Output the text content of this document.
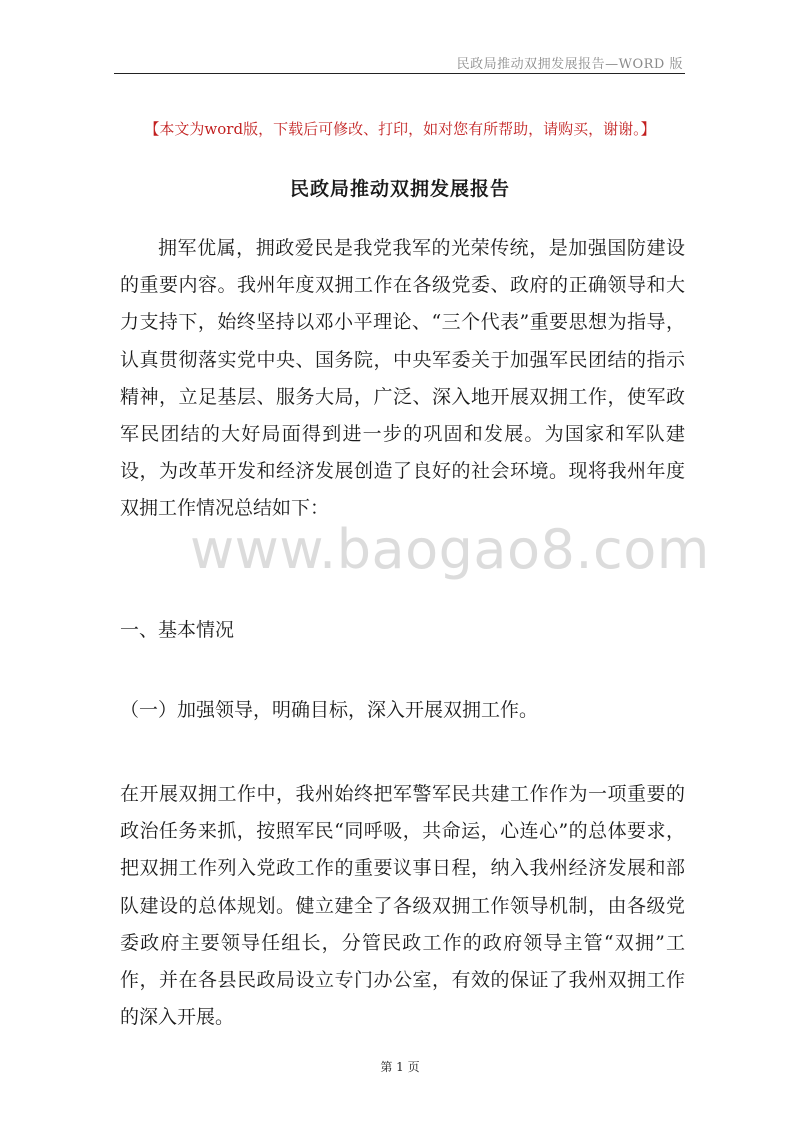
民政局推动双拥发展报告—WORD 版
【本文为word版，下载后可修改、打印，如对您有所帮助，请购买，谢谢。】
民政局推动双拥发展报告

拥军优属，拥政爱民是我党我军的光荣传统，是加强国防建设的重要内容。我州年度双拥工作在各级党委、政府的正确领导和大力支持下，始终坚持以邓小平理论、“三个代表”重要思想为指导，认真贯彻落实党中央、国务院，中央军委关于加强军民团结的指示精神，立足基层、服务大局，广泛、深入地开展双拥工作，使军政军民团结的大好局面得到进一步的巩固和发展。为国家和军队建设，为改革开发和经济发展创造了良好的社会环境。现将我州年度双拥工作情况总结如下：

www.baogao8.com

一、基本情况

（一）加强领导，明确目标，深入开展双拥工作。

在开展双拥工作中，我州始终把军警军民共建工作作为一项重要的政治任务来抓，按照军民“同呼吸，共命运，心连心”的总体要求，把双拥工作列入党政工作的重要议事日程，纳入我州经济发展和部队建设的总体规划。健立建全了各级双拥工作领导机制，由各级党委政府主要领导任组长，分管民政工作的政府领导主管“双拥”工作，并在各县民政局设立专门办公室，有效的保证了我州双拥工作的深入开展。

第 1 页
